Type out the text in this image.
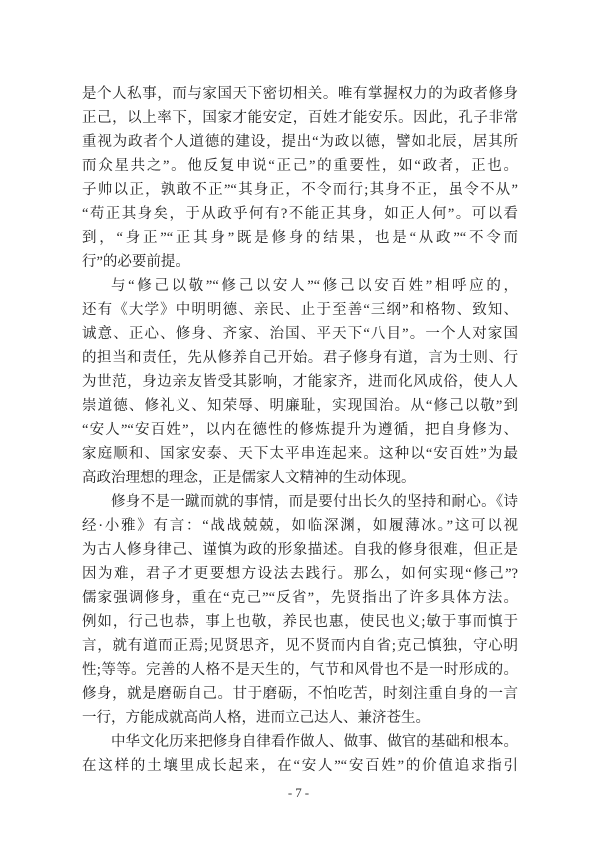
是个人私事，而与家国天下密切相关。唯有掌握权力的为政者修身
正己，以上率下，国家才能安定，百姓才能安乐。因此，孔子非常
重视为政者个人道德的建设，提出“为政以德，譬如北辰，居其所
而众星共之”。他反复申说“正己”的重要性，如“政者，正也。
子帅以正，孰敢不正”“其身正，不令而行;其身不正，虽令不从”
“苟正其身矣，于从政乎何有?不能正其身，如正人何”。可以看
到，“身正”“正其身”既是修身的结果，也是“从政”“不令而
行”的必要前提。
与“修己以敬”“修己以安人”“修己以安百姓”相呼应的，
还有《大学》中明明德、亲民、止于至善“三纲”和格物、致知、
诚意、正心、修身、齐家、治国、平天下“八目”。一个人对家国
的担当和责任，先从修养自己开始。君子修身有道，言为士则、行
为世范，身边亲友皆受其影响，才能家齐，进而化风成俗，使人人
崇道德、修礼义、知荣辱、明廉耻，实现国治。从“修己以敬”到
“安人”“安百姓”，以内在德性的修炼提升为遵循，把自身修为、
家庭顺和、国家安泰、天下太平串连起来。这种以“安百姓”为最
高政治理想的理念，正是儒家人文精神的生动体现。
修身不是一蹴而就的事情，而是要付出长久的坚持和耐心。《诗
经·小雅》有言：“战战兢兢，如临深渊，如履薄冰。”这可以视
为古人修身律己、谨慎为政的形象描述。自我的修身很难，但正是
因为难，君子才更要想方设法去践行。那么，如何实现“修己”?
儒家强调修身，重在“克己”“反省”，先贤指出了许多具体方法。
例如，行己也恭，事上也敬，养民也惠，使民也义;敏于事而慎于
言，就有道而正焉;见贤思齐，见不贤而内自省;克己慎独，守心明
性;等等。完善的人格不是天生的，气节和风骨也不是一时形成的。
修身，就是磨砺自己。甘于磨砺，不怕吃苦，时刻注重自身的一言
一行，方能成就高尚人格，进而立己达人、兼济苍生。
中华文化历来把修身自律看作做人、做事、做官的基础和根本。
在这样的土壤里成长起来，在“安人”“安百姓”的价值追求指引
-7-
